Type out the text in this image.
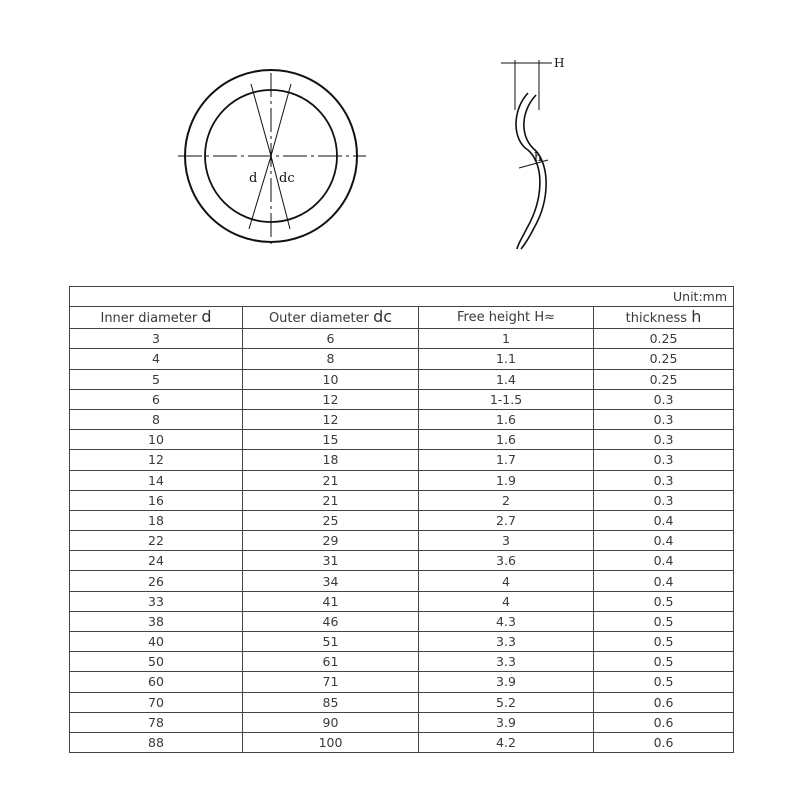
d dc
H
h
Unit:mm			
Inner diameter d	Outer diameter dc	Free height H≈	thickness h
3	6	1	0.25
4	8	1.1	0.25
5	10	1.4	0.25
6	12	1-1.5	0.3
8	12	1.6	0.3
10	15	1.6	0.3
12	18	1.7	0.3
14	21	1.9	0.3
16	21	2	0.3
18	25	2.7	0.4
22	29	3	0.4
24	31	3.6	0.4
26	34	4	0.4
33	41	4	0.5
38	46	4.3	0.5
40	51	3.3	0.5
50	61	3.3	0.5
60	71	3.9	0.5
70	85	5.2	0.6
78	90	3.9	0.6
88	100	4.2	0.6
